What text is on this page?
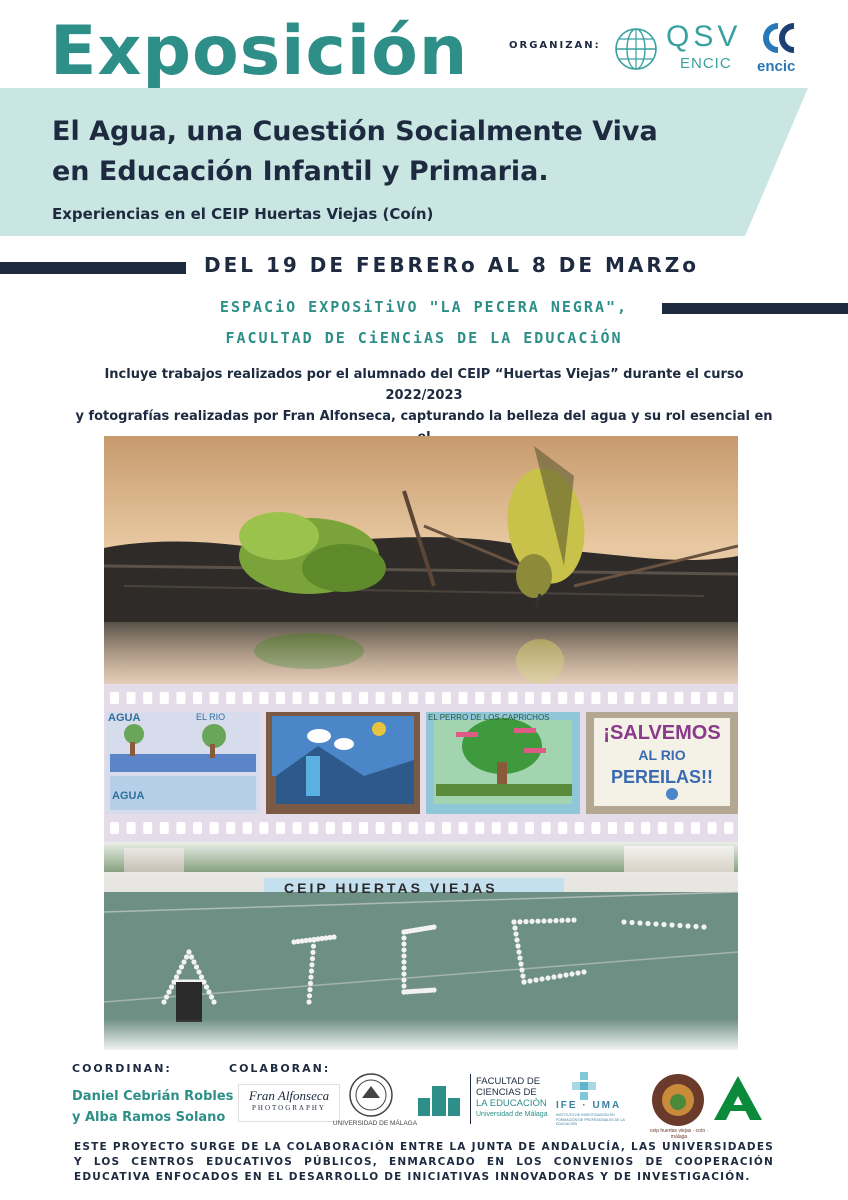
Exposición
El Agua, una Cuestión Socialmente Viva
en Educación Infantil y Primaria.
Experiencias en el CEIP Huertas Viejas (Coín)
ORGANIZAN: QSV
ENCIC encic
DEL 19 DE FEBRERo AL 8 DE MARZo
ESPACiO EXPOSiTiVO "LA PECERA NEGRA",
FACULTAD DE CiENCiAS DE LA EDUCACiÓN
Incluye trabajos realizados por el alumnado del CEIP “Huertas Viejas” durante el curso 2022/2023
y fotografías realizadas por Fran Alfonseca, capturando la belleza del agua y su rol esencial en
AGUA	EL RIO
AGUA
EL PERRO DE LOS CAPRICHOS
¡SALVEMOS
AL RIO
PEREILAS!!
CEIP HUERTAS VIEJAS
COORDINAN:	COLABORAN:
Daniel Cebrián Robles
y Alba Ramos Solano
Fran Alfonseca
PHOTOGRAPHY
UNIVERSIDAD DE MÁLAGA
FACULTAD DE
CIENCIAS DE
LA EDUCACIÓN
Universidad de Málaga
IFE · UMA
INSTITUTO DE INVESTIGACIÓN EN FORMACIÓN DE PROFESIONALES DE LA EDUCACIÓN
ceip huertas viejas · coín · málaga
ESTE PROYECTO SURGE DE LA COLABORACIÓN ENTRE LA JUNTA DE ANDALUCÍA, LAS UNIVERSIDADES Y LOS CENTROS EDUCATIVOS PÚBLICOS, ENMARCADO EN LOS CONVENIOS DE COOPERACIÓN EDUCATIVA ENFOCADOS EN EL DESARROLLO DE INICIATIVAS INNOVADORAS Y DE INVESTIGACIÓN.
